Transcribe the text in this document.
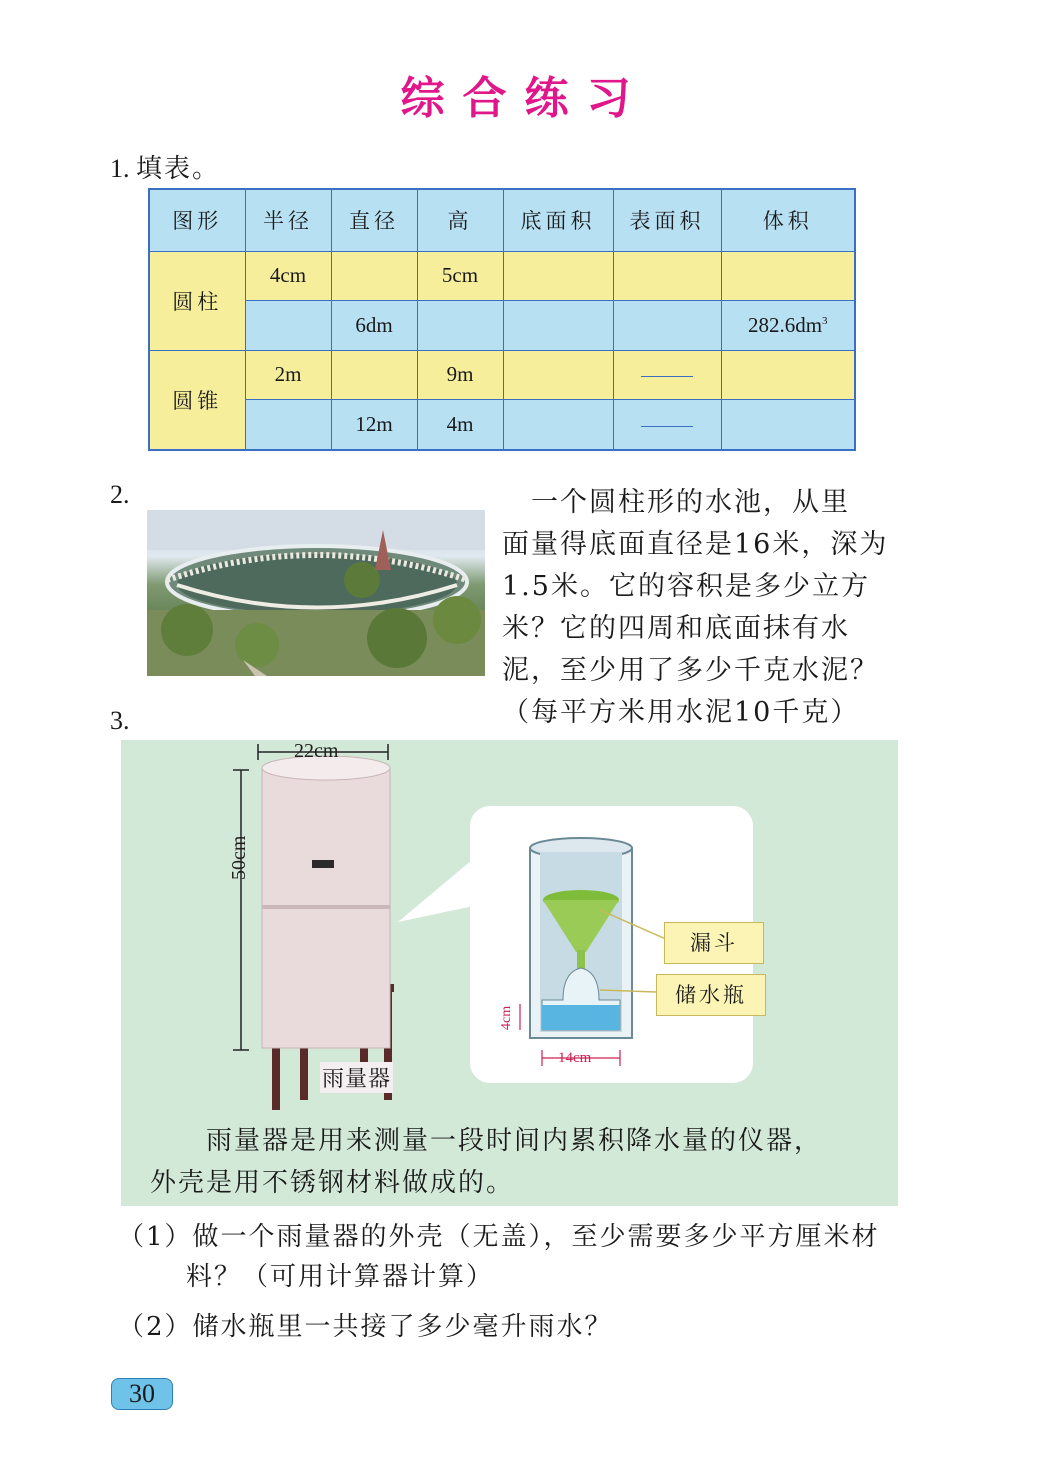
综合练习
1. 填表。
图形	半径	直径	高	底面积	表面积	体积
圆柱	4cm		5cm			
		6dm				$282.6dm^3$
圆锥	2m		9m			
		12m	4m			
2.	　一个圆柱形的水池，从里

面量得底面直径是16米，深为

1.5米。它的容积是多少立方

米？它的四周和底面抹有水

泥，至少用了多少千克水泥？

（每平方米用水泥10千克）

3.
22cm
50cm
雨量器
漏斗
储水瓶
4cm
14cm

雨量器是用来测量一段时间内累积降水量的仪器，

外壳是用不锈钢材料做成的。

（1）做一个雨量器的外壳（无盖），至少需要多少平方厘米材
料？（可用计算器计算）
（2）储水瓶里一共接了多少毫升雨水？
30
